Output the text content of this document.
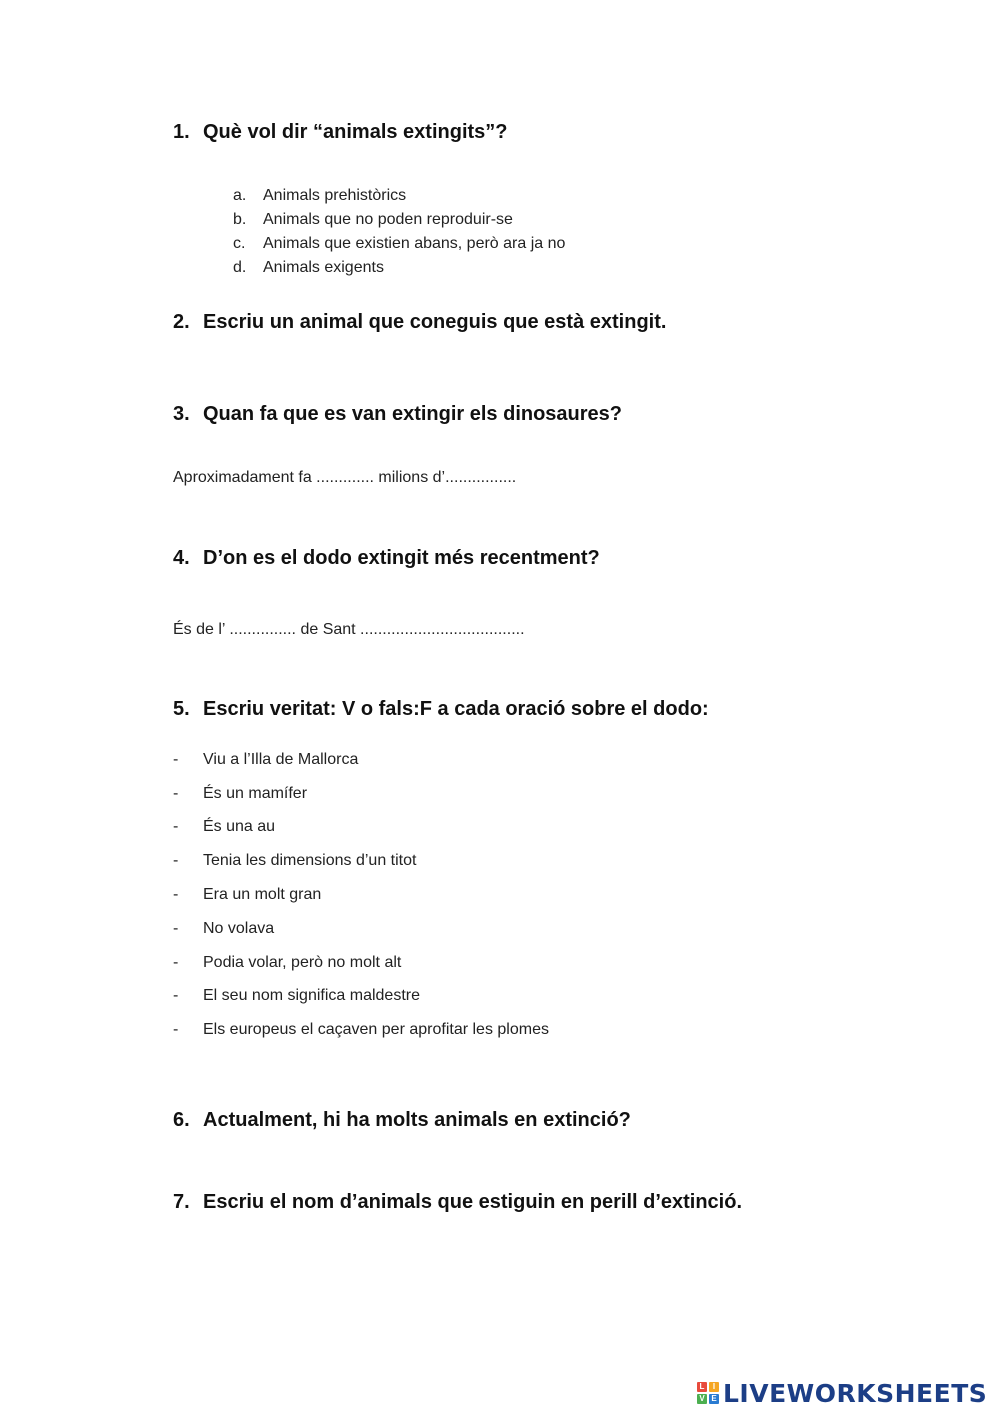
1. Què vol dir “animals extingits”?
a. Animals prehistòrics
b. Animals que no poden reproduir-se
c. Animals que existien abans, però ara ja no
d. Animals exigents
2. Escriu un animal que coneguis que està extingit.
3. Quan fa que es van extingir els dinosaures?
Aproximadament fa ............. milions d’................
4. D’on es el dodo extingit més recentment?
És de l’ ............... de Sant .....................................
5. Escriu veritat: V o fals:F a cada oració sobre el dodo:
- Viu a l’Illa de Mallorca
- És un mamífer
- És una au
- Tenia les dimensions d’un titot
- Era un molt gran
- No volava
- Podia volar, però no molt alt
- El seu nom significa maldestre
- Els europeus el caçaven per aprofitar les plomes
6. Actualment, hi ha molts animals en extinció?
7. Escriu el nom d’animals que estiguin en perill d’extinció.
L	I
V E LIVEWORKSHEETS
